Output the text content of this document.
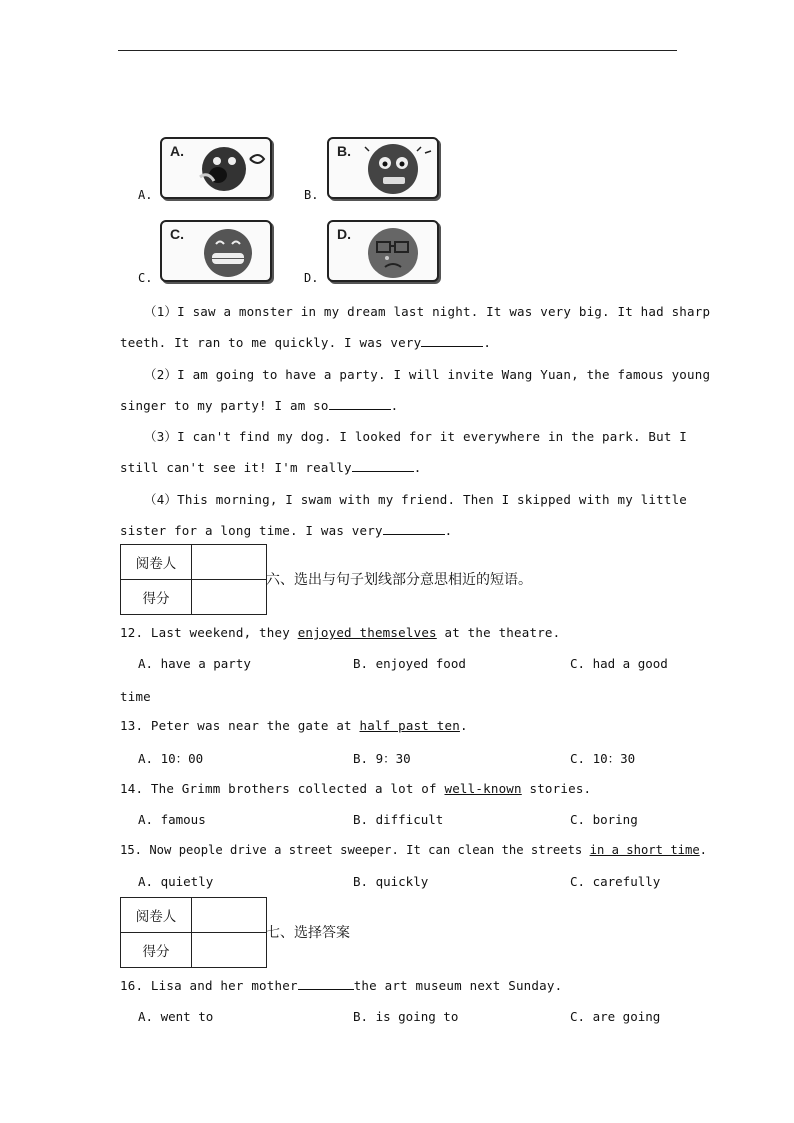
A.
A.
B.
B.
C.
C.
D.
D.
（1）I saw a monster in my dream last night. It was very big. It had sharp
teeth. It ran to me quickly. I was very	.
（2）I am going to have a party. I will invite Wang Yuan, the famous young
singer to my party! I am so	.
（3）I can't find my dog. I looked for it everywhere in the park. But I
still can't see it! I'm really	.
（4）This morning, I swam with my friend. Then I skipped with my little
sister for a long time. I was very	.
阅卷人	
得分	
六、选出与句子划线部分意思相近的短语。
12. Last weekend, they enjoyed themselves at the theatre.
A. have a party	B. enjoyed food	C. had a good
time
13. Peter was near the gate at half past ten.
A. 10：00	B. 9：30	C. 10：30
14. The Grimm brothers collected a lot of well-known stories.
A. famous	B. difficult	C. boring
15. Now people drive a street sweeper. It can clean the streets in a short time.
A. quietly	B. quickly	C. carefully
阅卷人	
得分	
七、选择答案
16. Lisa and her mother	the art museum next Sunday.
A. went to	B. is going to	C. are going
